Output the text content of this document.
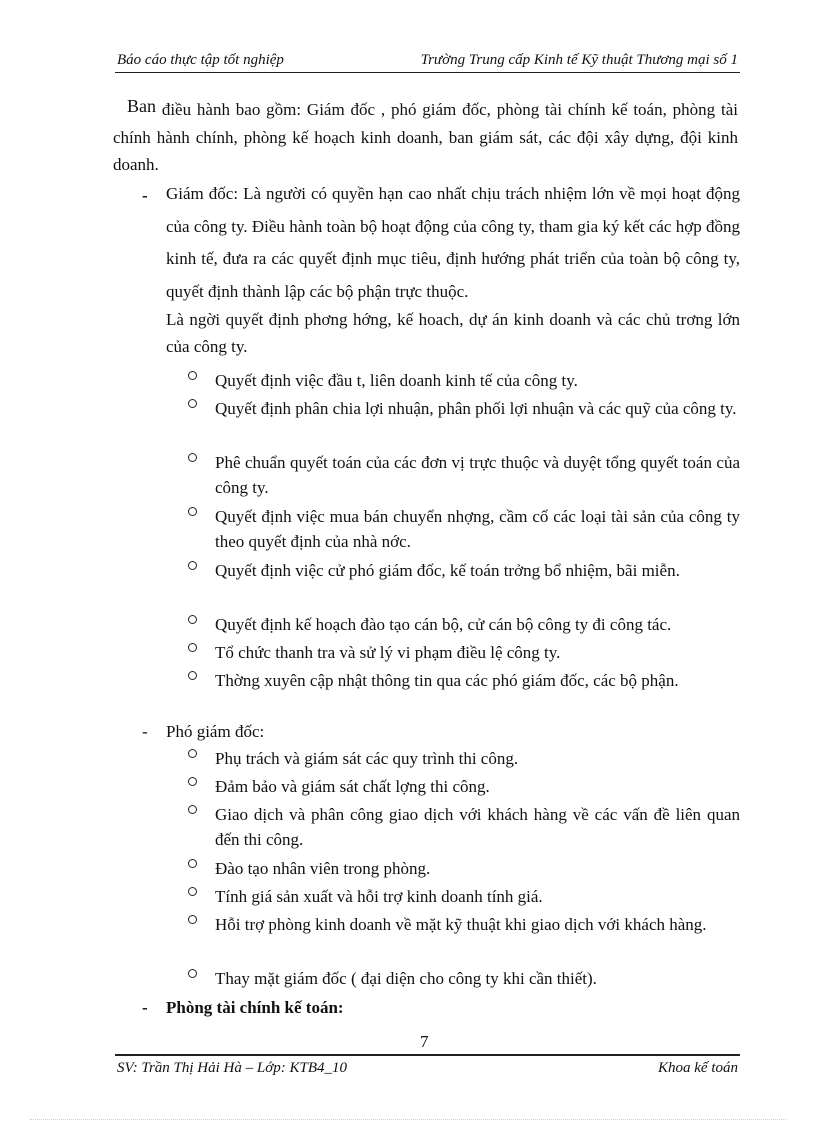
Báo cáo thực tập tốt nghiệp	Trường Trung cấp Kinh tế Kỹ thuật Thương mại số 1
Ban điều hành bao gồm: Giám đốc , phó giám đốc, phòng tài chính kế toán, phòng tài chính hành chính, phòng kế hoạch kinh doanh, ban giám sát, các đội xây dựng, đội kinh doanh.
- Giám đốc: Là người có quyền hạn cao nhất chịu trách nhiệm lớn về mọi hoạt động của công ty. Điều hành toàn bộ hoạt động của công ty, tham gia ký kết các hợp đồng kinh tế, đưa ra các quyết định mục tiêu, định hướng phát triển của toàn bộ công ty, quyết định thành lập các bộ phận trực thuộc.
Là ngời quyết định phơng hớng, kế hoach, dự án kinh doanh và các chủ trơng lớn của công ty.
Quyết định việc đầu t, liên doanh kinh tế của công ty.
Quyết định phân chia lợi nhuận, phân phối lợi nhuận và các quỹ của công ty.
Phê chuẩn quyết toán của các đơn vị trực thuộc và duyệt tổng quyết toán của công ty.
Quyết định việc mua bán chuyển nhợng, cầm cố các loại tài sản của công ty theo quyết định của nhà nớc.
Quyết định việc cử phó giám đốc, kế toán trởng bổ nhiệm, bãi miễn.
Quyết định kế hoạch đào tạo cán bộ, cử cán bộ công ty đi công tác.
Tổ chức thanh tra và sử lý vi phạm điều lệ công ty.
Thờng xuyên cập nhật thông tin qua các phó giám đốc, các bộ phận.
- Phó giám đốc:
Phụ trách và giám sát các quy trình thi công.
Đảm bảo và giám sát chất lợng thi công.
Giao dịch và phân công giao dịch với khách hàng về các vấn đề liên quan đến thi công.
Đào tạo nhân viên trong phòng.
Tính giá sản xuất và hỗi trợ kinh doanh tính giá.
Hỗi trợ phòng kinh doanh về mặt kỹ thuật khi giao dịch với khách hàng.
Thay mặt giám đốc ( đại diện cho công ty khi cần thiết).
- Phòng tài chính kế toán:
7
SV: Trần Thị Hải Hà – Lớp: KTB4_10	Khoa kế toán
